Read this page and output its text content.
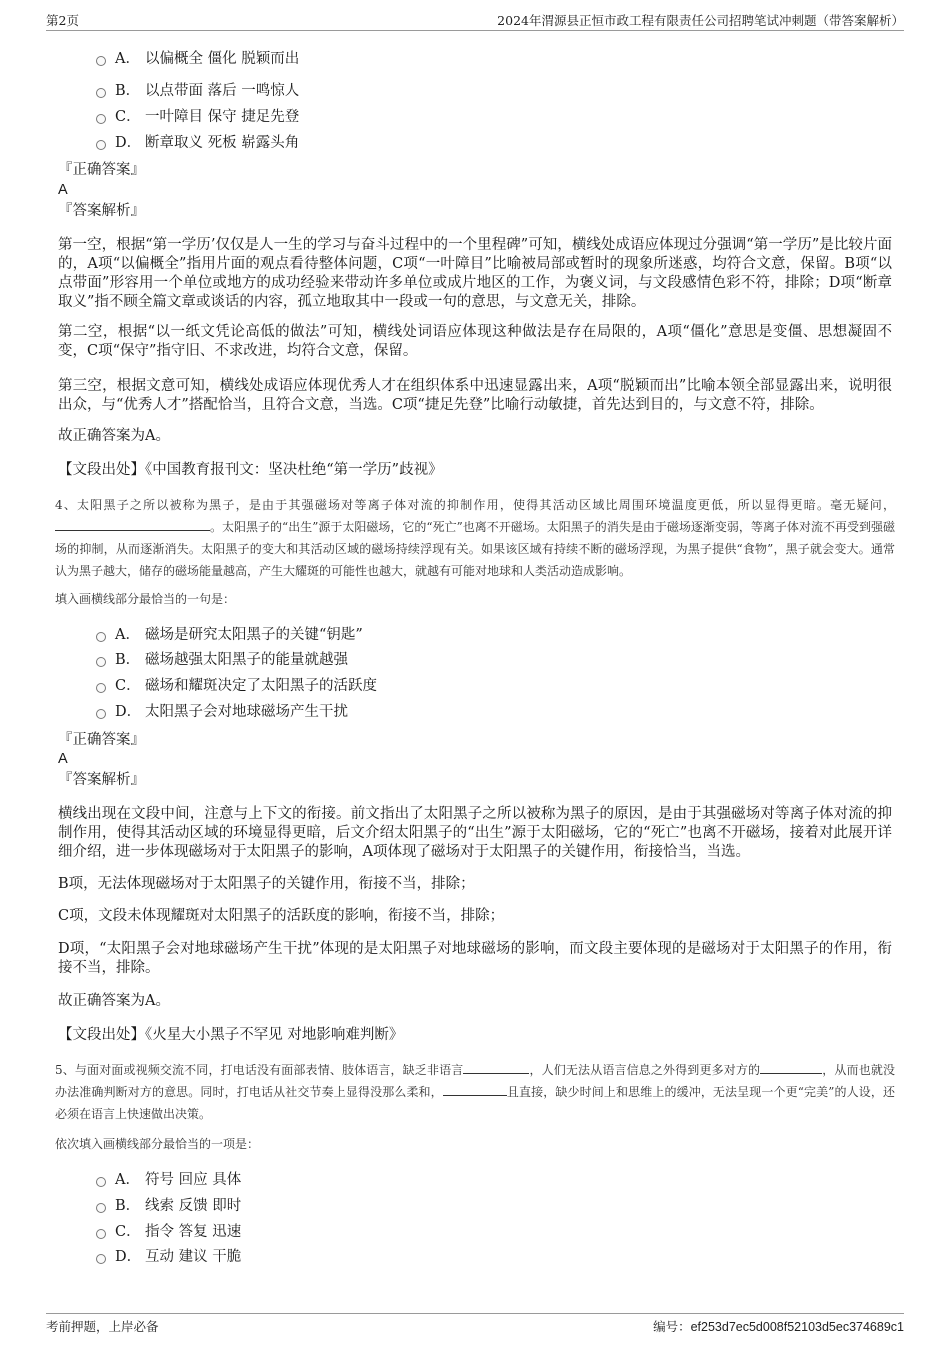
第2页	2024年渭源县正恒市政工程有限责任公司招聘笔试冲刺题（带答案解析）
A． 以偏概全 僵化 脱颖而出
B． 以点带面 落后 一鸣惊人
C． 一叶障目 保守 捷足先登
D． 断章取义 死板 崭露头角
『正确答案』
A
『答案解析』
第一空，根据“第一学历’仅仅是人一生的学习与奋斗过程中的一个里程碑”可知，横线处成语应体现过分强调“第一学历”是比较片面的，A项“以偏概全”指用片面的观点看待整体问题，C项“一叶障目”比喻被局部或暂时的现象所迷惑，均符合文意，保留。B项“以点带面”形容用一个单位或地方的成功经验来带动许多单位或成片地区的工作，为褒义词，与文段感情色彩不符，排除；D项“断章取义”指不顾全篇文章或谈话的内容，孤立地取其中一段或一句的意思，与文意无关，排除。
第二空，根据“以一纸文凭论高低的做法”可知，横线处词语应体现这种做法是存在局限的，A项“僵化”意思是变僵、思想凝固不变，C项“保守”指守旧、不求改进，均符合文意，保留。
第三空，根据文意可知，横线处成语应体现优秀人才在组织体系中迅速显露出来，A项“脱颖而出”比喻本领全部显露出来，说明很出众，与“优秀人才”搭配恰当，且符合文意，当选。C项“捷足先登”比喻行动敏捷，首先达到目的，与文意不符，排除。
故正确答案为A。
【文段出处】《中国教育报刊文：坚决杜绝“第一学历”歧视》
4、太阳黑子之所以被称为黑子，是由于其强磁场对等离子体对流的抑制作用，使得其活动区域比周围环境温度更低，所以显得更暗。毫无疑问，。太阳黑子的“出生”源于太阳磁场，它的“死亡”也离不开磁场。太阳黑子的消失是由于磁场逐渐变弱，等离子体对流不再受到强磁场的抑制，从而逐渐消失。太阳黑子的变大和其活动区域的磁场持续浮现有关。如果该区域有持续不断的磁场浮现，为黑子提供“食物”，黑子就会变大。通常认为黑子越大，储存的磁场能量越高，产生大耀斑的可能性也越大，就越有可能对地球和人类活动造成影响。
填入画横线部分最恰当的一句是：
A． 磁场是研究太阳黑子的关键“钥匙”
B． 磁场越强太阳黑子的能量就越强
C． 磁场和耀斑决定了太阳黑子的活跃度
D． 太阳黑子会对地球磁场产生干扰
『正确答案』
A
『答案解析』
横线出现在文段中间，注意与上下文的衔接。前文指出了太阳黑子之所以被称为黑子的原因，是由于其强磁场对等离子体对流的抑制作用，使得其活动区域的环境显得更暗，后文介绍太阳黑子的“出生”源于太阳磁场，它的“死亡”也离不开磁场，接着对此展开详细介绍，进一步体现磁场对于太阳黑子的影响，A项体现了磁场对于太阳黑子的关键作用，衔接恰当，当选。
B项，无法体现磁场对于太阳黑子的关键作用，衔接不当，排除；
C项，文段未体现耀斑对太阳黑子的活跃度的影响，衔接不当，排除；
D项，“太阳黑子会对地球磁场产生干扰”体现的是太阳黑子对地球磁场的影响，而文段主要体现的是磁场对于太阳黑子的作用，衔接不当，排除。
故正确答案为A。
【文段出处】《火星大小黑子不罕见 对地影响难判断》
5、与面对面或视频交流不同，打电话没有面部表情、肢体语言，缺乏非语言	，人们无法从语言信息之外得到更多对方的	，从而也就没办法准确判断对方的意思。同时，打电话从社交节奏上显得没那么柔和，	且直接，缺少时间上和思维上的缓冲，无法呈现一个更“完美”的人设，还必须在语言上快速做出决策。
依次填入画横线部分最恰当的一项是：
A． 符号 回应 具体
B． 线索 反馈 即时
C． 指令 答复 迅速
D． 互动 建议 干脆
考前押题，上岸必备	编号：ef253d7ec5d008f52103d5ec374689c1
